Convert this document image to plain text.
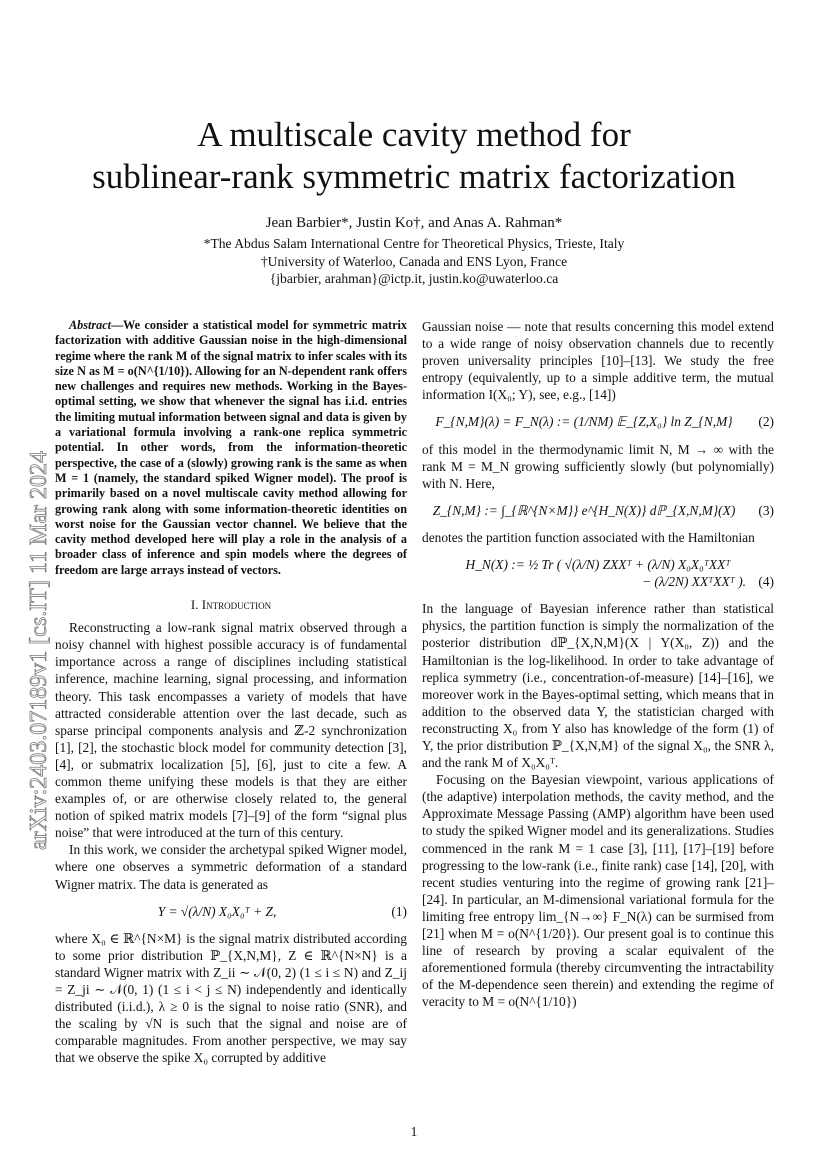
arXiv:2403.07189v1 [cs.IT] 11 Mar 2024
A multiscale cavity method for
sublinear-rank symmetric matrix factorization
Jean Barbier*, Justin Ko†, and Anas A. Rahman*
*The Abdus Salam International Centre for Theoretical Physics, Trieste, Italy
†University of Waterloo, Canada and ENS Lyon, France
{jbarbier, arahman}@ictp.it, justin.ko@uwaterloo.ca

Abstract—We consider a statistical model for symmetric matrix factorization with additive Gaussian noise in the high-dimensional regime where the rank M of the signal matrix to infer scales with its size N as M = o(N^{1/10}). Allowing for an N-dependent rank offers new challenges and requires new methods. Working in the Bayes-optimal setting, we show that whenever the signal has i.i.d. entries the limiting mutual information between signal and data is given by a variational formula involving a rank-one replica symmetric potential. In other words, from the information-theoretic perspective, the case of a (slowly) growing rank is the same as when M = 1 (namely, the standard spiked Wigner model). The proof is primarily based on a novel multiscale cavity method allowing for growing rank along with some information-theoretic identities on worst noise for the Gaussian vector channel. We believe that the cavity method developed here will play a role in the analysis of a broader class of inference and spin models where the degrees of freedom are large arrays instead of vectors.

I. Introduction

Reconstructing a low-rank signal matrix observed through a noisy channel with highest possible accuracy is of fundamental importance across a range of disciplines including statistical inference, machine learning, signal processing, and information theory. This task encompasses a variety of models that have attracted considerable attention over the last decade, such as sparse principal components analysis and ℤ-2 synchronization [1], [2], the stochastic block model for community detection [3], [4], or submatrix localization [5], [6], just to cite a few. A common theme unifying these models is that they are either examples of, or are otherwise closely related to, the general notion of spiked matrix models [7]–[9] of the form “signal plus noise” that were introduced at the turn of this century.

In this work, we consider the archetypal spiked Wigner model, where one observes a symmetric deformation of a standard Wigner matrix. The data is generated as

Y = √(λ/N) X₀X₀ᵀ + Z,	(1)

where X₀ ∈ ℝ^{N×M} is the signal matrix distributed according to some prior distribution ℙ_{X,N,M}, Z ∈ ℝ^{N×N} is a standard Wigner matrix with Z_ii ∼ 𝒩(0, 2) (1 ≤ i ≤ N) and Z_ij = Z_ji ∼ 𝒩(0, 1) (1 ≤ i < j ≤ N) independently and identically distributed (i.i.d.), λ ≥ 0 is the signal to noise ratio (SNR), and the scaling by √N is such that the signal and noise are of comparable magnitudes. From another perspective, we may say that we observe the spike X₀ corrupted by additive

Gaussian noise — note that results concerning this model extend to a wide range of noisy observation channels due to recently proven universality principles [10]–[13]. We study the free entropy (equivalently, up to a simple additive term, the mutual information I(X₀; Y), see, e.g., [14])

F_{N,M}(λ) = F_N(λ) := (1/NM) 𝔼_{Z,X₀} ln Z_{N,M}	(2)

of this model in the thermodynamic limit N, M → ∞ with the rank M = M_N growing sufficiently slowly (but polynomially) with N. Here,

Z_{N,M} := ∫_{ℝ^{N×M}} e^{H_N(X)} dℙ_{X,N,M}(X)	(3)

denotes the partition function associated with the Hamiltonian

H_N(X) := ½ Tr ( √(λ/N) ZXXᵀ + (λ/N) X₀X₀ᵀXXᵀ
− (λ/2N) XXᵀXXᵀ ). (4)

In the language of Bayesian inference rather than statistical physics, the partition function is simply the normalization of the posterior distribution dℙ_{X,N,M}(X | Y(X₀, Z)) and the Hamiltonian is the log-likelihood. In order to take advantage of replica symmetry (i.e., concentration-of-measure) [14]–[16], we moreover work in the Bayes-optimal setting, which means that in addition to the observed data Y, the statistician charged with reconstructing X₀ from Y also has knowledge of the form (1) of Y, the prior distribution ℙ_{X,N,M} of the signal X₀, the SNR λ, and the rank M of X₀X₀ᵀ.

Focusing on the Bayesian viewpoint, various applications of (the adaptive) interpolation methods, the cavity method, and the Approximate Message Passing (AMP) algorithm have been used to study the spiked Wigner model and its generalizations. Studies commenced in the rank M = 1 case [3], [11], [17]–[19] before progressing to the low-rank (i.e., finite rank) case [14], [20], with recent studies venturing into the regime of growing rank [21]–[24]. In particular, an M-dimensional variational formula for the limiting free entropy lim_{N→∞} F_N(λ) can be surmised from [21] when M = o(N^{1/20}). Our present goal is to continue this line of research by proving a scalar equivalent of the aforementioned formula (thereby circumventing the intractability of the M-dependence seen therein) and extending the regime of veracity to M = o(N^{1/10})

1
